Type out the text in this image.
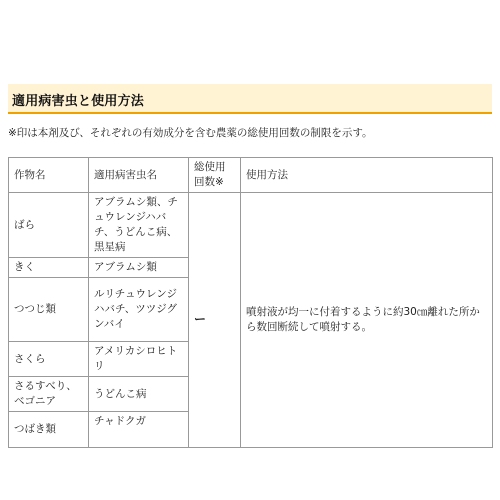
適用病害虫と使用方法
※印は本剤及び、それぞれの有効成分を含む農薬の総使用回数の制限を示す。
作物名	適用病害虫名	総使用回数※	使用方法
ばら	アブラムシ類、チュウレンジハバチ、うどんこ病、黒星病	ー	噴射液が均一に付着するように約30㎝離れた所から数回断続して噴射する。
きく	アブラムシ類		
つつじ類	ルリチュウレンジハバチ、ツツジグンバイ		
さくら	アメリカシロヒトリ		
さるすべり、ベゴニア	うどんこ病		
つばき類	チャドクガ		
